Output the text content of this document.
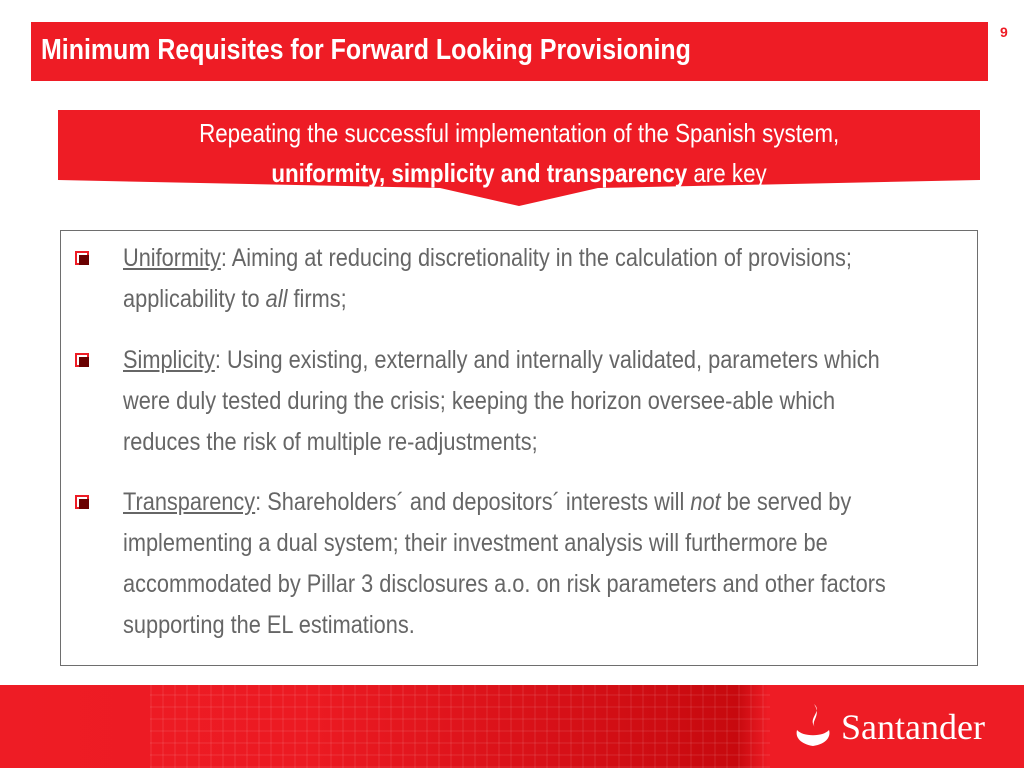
Minimum Requisites for Forward Looking Provisioning
9
Repeating the successful implementation of the Spanish system,
uniformity, simplicity and transparency are key
Uniformity: Aiming at reducing discretionality in the calculation of provisions; applicability to all firms;
Simplicity: Using existing, externally and internally validated, parameters which were duly tested during the crisis; keeping the horizon oversee-able which reduces the risk of multiple re-adjustments;
Transparency: Shareholders´ and depositors´ interests will not be served by implementing a dual system; their investment analysis will furthermore be accommodated by Pillar 3 disclosures a.o. on risk parameters and other factors supporting the EL estimations.
Santander
